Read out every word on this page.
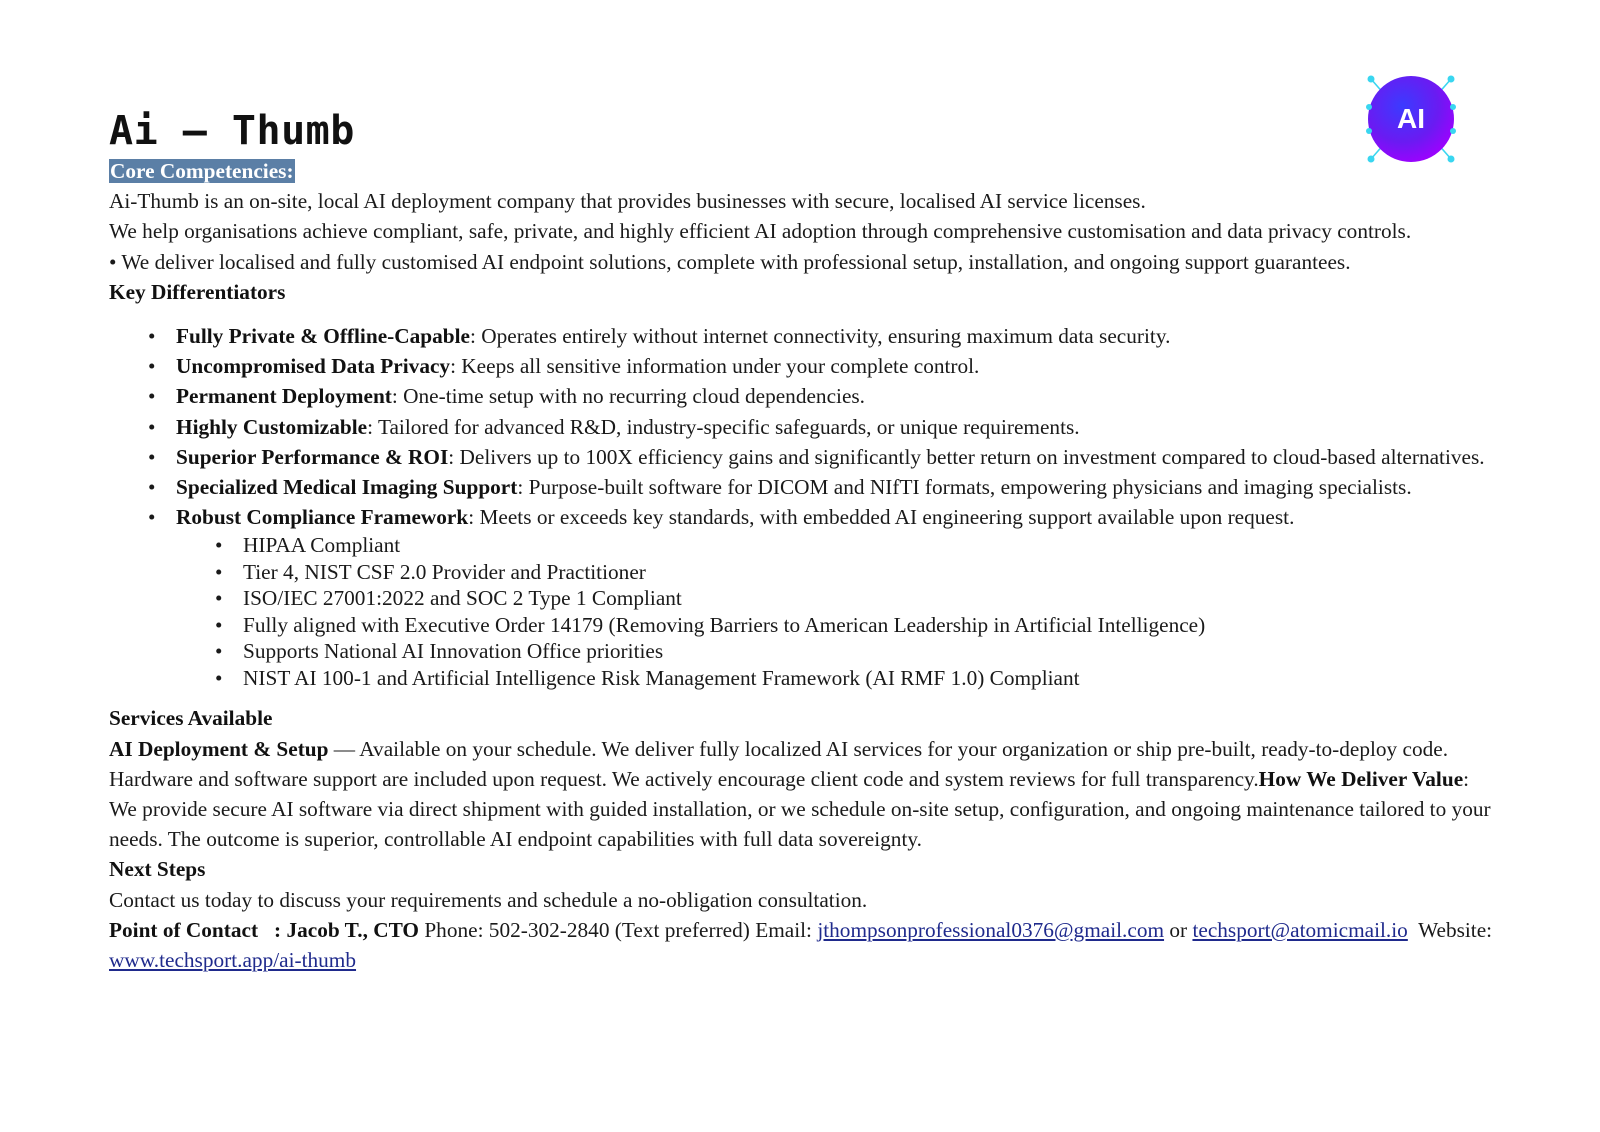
Ai – Thumb	AI

Core Competencies:

Ai-Thumb is an on-site, local AI deployment company that provides businesses with secure, localised AI service licenses.

We help organisations achieve compliant, safe, private, and highly efficient AI adoption through comprehensive customisation and data privacy controls.

• We deliver localised and fully customised AI endpoint solutions, complete with professional setup, installation, and ongoing support guarantees.

Key Differentiators

• Fully Private & Offline-Capable: Operates entirely without internet connectivity, ensuring maximum data security.
• Uncompromised Data Privacy: Keeps all sensitive information under your complete control.
• Permanent Deployment: One-time setup with no recurring cloud dependencies.
• Highly Customizable: Tailored for advanced R&D, industry-specific safeguards, or unique requirements.
• Superior Performance & ROI: Delivers up to 100X efficiency gains and significantly better return on investment compared to cloud-based alternatives.
• Specialized Medical Imaging Support: Purpose-built software for DICOM and NIfTI formats, empowering physicians and imaging specialists.
• Robust Compliance Framework: Meets or exceeds key standards, with embedded AI engineering support available upon request.
• HIPAA Compliant
• Tier 4, NIST CSF 2.0 Provider and Practitioner
• ISO/IEC 27001:2022 and SOC 2 Type 1 Compliant
• Fully aligned with Executive Order 14179 (Removing Barriers to American Leadership in Artificial Intelligence)
• Supports National AI Innovation Office priorities
• NIST AI 100-1 and Artificial Intelligence Risk Management Framework (AI RMF 1.0) Compliant

Services Available

AI Deployment & Setup — Available on your schedule. We deliver fully localized AI services for your organization or ship pre-built, ready-to-deploy code. Hardware and software support are included upon request. We actively encourage client code and system reviews for full transparency.How We Deliver Value:

We provide secure AI software via direct shipment with guided installation, or we schedule on-site setup, configuration, and ongoing maintenance tailored to your needs. The outcome is superior, controllable AI endpoint capabilities with full data sovereignty.

Next Steps

Contact us today to discuss your requirements and schedule a no-obligation consultation.

Point of Contact   : Jacob T., CTO Phone: 502-302-2840 (Text preferred) Email: jthompsonprofessional0376@gmail.com or techsport@atomicmail.io  Website: www.techsport.app/ai-thumb
